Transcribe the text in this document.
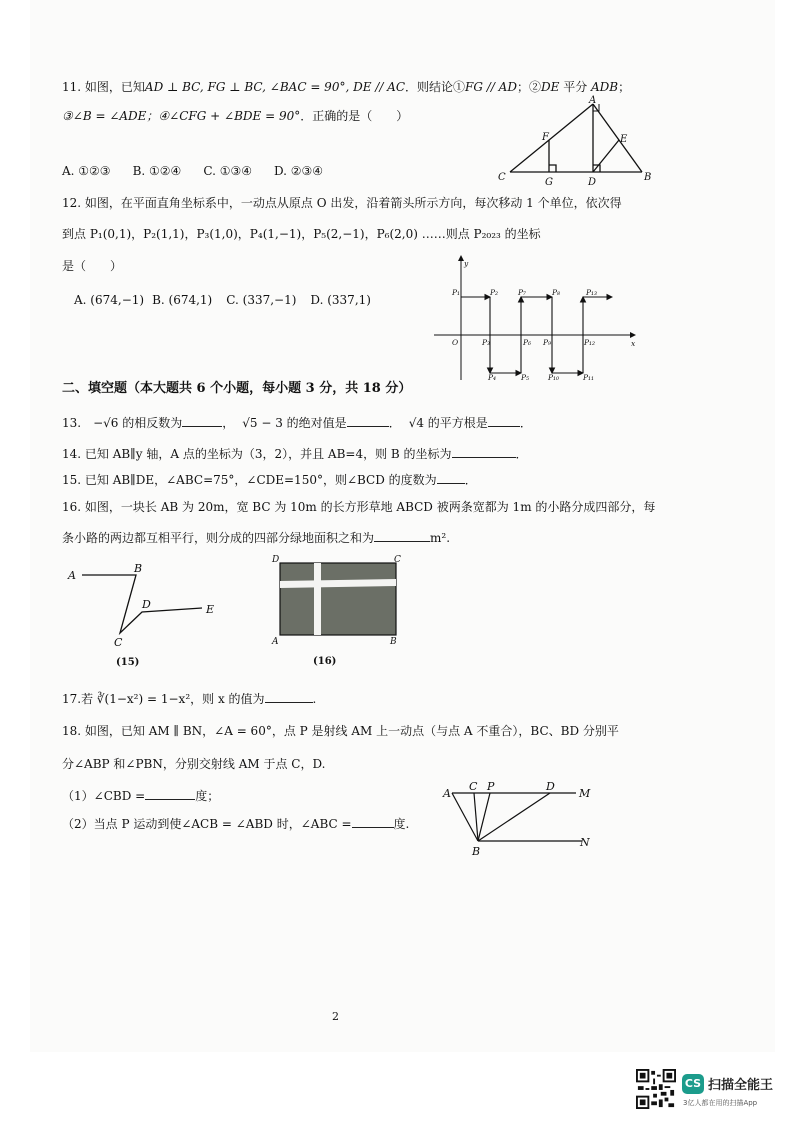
11. 如图，已知AD ⊥ BC, FG ⊥ BC, ∠BAC = 90°, DE // AC．则结论①FG // AD；②DE 平分 ADB；
③∠B = ∠ADE；④∠CFG + ∠BDE = 90°．正确的是（　　）
A. ①②③ B. ①②④ C. ①③④ D. ②③④
A
B
C	D
E
F
G
12. 如图，在平面直角坐标系中，一动点从原点 O 出发，沿着箭头所示方向，每次移动 1 个单位，依次得
到点 P₁(0,1)，P₂(1,1)，P₃(1,0)，P₄(1,−1)，P₅(2,−1)，P₆(2,0) ……则点 P₂₀₂₃ 的坐标
是（　　）
A. (674,−1) B. (674,1) C. (337,−1) D. (337,1)
y
x
O
P₁	P₂
P₃
P₄	P₅
P₆
P₇	P₈
P₉
P₁₀	P₁₁
P₁₂
P₁₃
二、填空题（本大题共 6 个小题，每小题 3 分，共 18 分）
13.　−√6 的相反数为	， √5 − 3 的绝对值是	． √4 的平方根是	．
14. 已知 AB∥y 轴，A 点的坐标为（3，2），并且 AB=4，则 B 的坐标为	．
15. 已知 AB∥DE，∠ABC=75°，∠CDE=150°，则∠BCD 的度数为 ．
16. 如图，一块长 AB 为 20m，宽 BC 为 10m 的长方形草地 ABCD 被两条宽都为 1m 的小路分成四部分，每
条小路的两边都互相平行，则分成的四部分绿地面积之和为	m².
A
B
C
D	E
(15)
D	C
A	B
(16)
17.若 ∛(1−x²) = 1−x²，则 x 的值为	.
18. 如图，已知 AM ∥ BN，∠A = 60°，点 P 是射线 AM 上一动点（与点 A 不重合），BC、BD 分别平
分∠ABP 和∠PBN，分别交射线 AM 于点 C，D.
（1）∠CBD =	度；
（2）当点 P 运动到使∠ACB = ∠ABD 时，∠ABC =	度.
A
C P	D
M
B
N
2
CS 扫描全能王
3亿人都在用的扫描App
